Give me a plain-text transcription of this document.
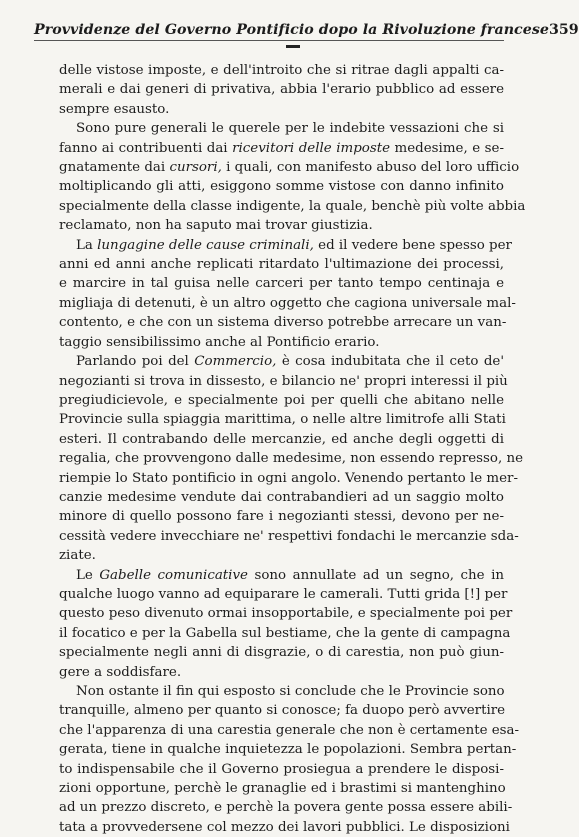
Provvidenze del Governo Pontificio dopo la Rivoluzione francese 359
delle vistose imposte, e dell'introito che si ritrae dagli appalti ca-
merali e dai generi di privativa, abbia l'erario pubblico ad essere
sempre esausto.
Sono pure generali le querele per le indebite vessazioni che si
fanno ai contribuenti dai ricevitori delle imposte medesime, e se-
gnatamente dai cursori, i quali, con manifesto abuso del loro ufficio
moltiplicando gli atti, esiggono somme vistose con danno infinito
specialmente della classe indigente, la quale, benchè più volte abbia
reclamato, non ha saputo mai trovar giustizia.
La lungagine delle cause criminali, ed il vedere bene spesso per
anni ed anni anche replicati ritardato l'ultimazione dei processi,
e marcire in tal guisa nelle carceri per tanto tempo centinaja e
migliaja di detenuti, è un altro oggetto che cagiona universale mal-
contento, e che con un sistema diverso potrebbe arrecare un van-
taggio sensibilissimo anche al Pontificio erario.
Parlando poi del Commercio, è cosa indubitata che il ceto de'
negozianti si trova in dissesto, e bilancio ne' propri interessi il più
pregiudicievole, e specialmente poi per quelli che abitano nelle
Provincie sulla spiaggia marittima, o nelle altre limitrofe alli Stati
esteri. Il contrabando delle mercanzie, ed anche degli oggetti di
regalia, che provvengono dalle medesime, non essendo represso, ne
riempie lo Stato pontificio in ogni angolo. Venendo pertanto le mer-
canzie medesime vendute dai contrabandieri ad un saggio molto
minore di quello possono fare i negozianti stessi, devono per ne-
cessità vedere invecchiare ne' respettivi fondachi le mercanzie sda-
ziate.
Le Gabelle comunicative sono annullate ad un segno, che in
qualche luogo vanno ad equiparare le camerali. Tutti grida [!] per
questo peso divenuto ormai insopportabile, e specialmente poi per
il focatico e per la Gabella sul bestiame, che la gente di campagna
specialmente negli anni di disgrazie, o di carestia, non può giun-
gere a soddisfare.
Non ostante il fin qui esposto si conclude che le Provincie sono
tranquille, almeno per quanto si conosce; fa duopo però avvertire
che l'apparenza di una carestia generale che non è certamente esa-
gerata, tiene in qualche inquietezza le popolazioni. Sembra pertan-
to indispensabile che il Governo prosiegua a prendere le disposi-
zioni opportune, perchè le granaglie ed i brastimi si mantenghino
ad un prezzo discreto, e perchè la povera gente possa essere abili-
tata a provvedersene col mezzo dei lavori pubblici. Le disposizioni
